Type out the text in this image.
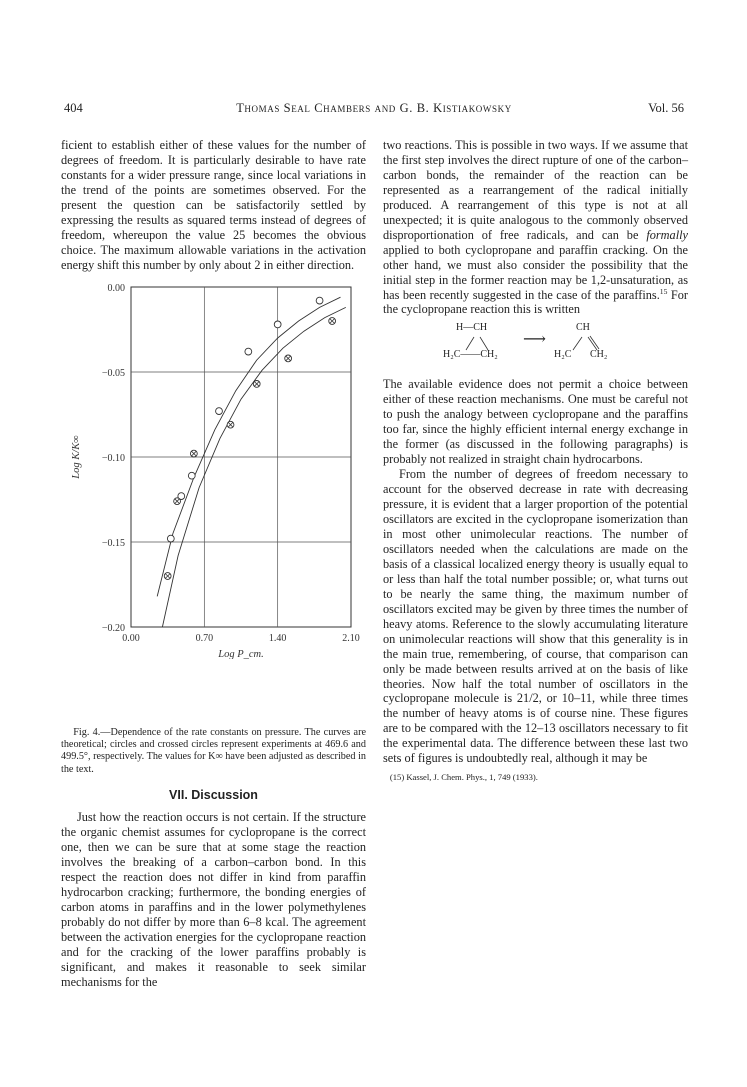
404	Thomas Seal Chambers and G. B. Kistiakowsky	Vol. 56

ficient to establish either of these values for the number of degrees of freedom. It is particularly desirable to have rate constants for a wider pressure range, since local variations in the trend of the points are sometimes observed. For the present the question can be satisfactorily settled by expressing the results as squared terms instead of degrees of freedom, whereupon the value 25 becomes the obvious choice. The maximum allowable variations in the activation energy shift this number by only about 2 in either direction.

0.00	0.70	1.40	2.10
0.00
−0.05
−0.10
−0.15
−0.20
Log P_cm.
Log K/K∞

Fig. 4.—Dependence of the rate constants on pressure. The curves are theoretical; circles and crossed circles represent experiments at 469.6 and 499.5°, respectively. The values for K∞ have been adjusted as described in the text.

VII. Discussion

Just how the reaction occurs is not certain. If the structure the organic chemist assumes for cyclopropane is the correct one, then we can be sure that at some stage the reaction involves the breaking of a carbon–carbon bond. In this respect the reaction does not differ in kind from paraffin hydrocarbon cracking; furthermore, the bonding energies of carbon atoms in paraffins and in the lower polymethylenes probably do not differ by more than 6–8 kcal. The agreement between the activation energies for the cyclopropane reaction and for the cracking of the lower paraffins probably is significant, and makes it reasonable to seek similar mechanisms for the

two reactions. This is possible in two ways. If we assume that the first step involves the direct rupture of one of the carbon–carbon bonds, the remainder of the reaction can be represented as a rearrangement of the radical initially produced. A rearrangement of this type is not at all unexpected; it is quite analogous to the commonly observed disproportionation of free radicals, and can be formally applied to both cyclopropane and paraffin cracking. On the other hand, we must also consider the possibility that the initial step in the former reaction may be 1,2-unsaturation, as has been recently suggested in the case of the paraffins.$^{15}$ For the cyclopropane reaction this is written

H—CH
H₂C——CH₂
⟶
CH
H₂C CH₂

The available evidence does not permit a choice between either of these reaction mechanisms. One must be careful not to push the analogy between cyclopropane and the paraffins too far, since the highly efficient internal energy exchange in the former (as discussed in the following paragraphs) is probably not realized in straight chain hydrocarbons.

From the number of degrees of freedom necessary to account for the observed decrease in rate with decreasing pressure, it is evident that a larger proportion of the potential oscillators are excited in the cyclopropane isomerization than in most other unimolecular reactions. The number of oscillators needed when the calculations are made on the basis of a classical localized energy theory is usually equal to or less than half the total number possible; or, what turns out to be nearly the same thing, the maximum number of oscillators excited may be given by three times the number of heavy atoms. Reference to the slowly accumulating literature on unimolecular reactions will show that this generality is in the main true, remembering, of course, that comparison can only be made between results arrived at on the basis of like theories. Now half the total number of oscillators in the cyclopropane molecule is 21/2, or 10–11, while three times the number of heavy atoms is of course nine. These figures are to be compared with the 12–13 oscillators necessary to fit the experimental data. The difference between these last two sets of figures is undoubtedly real, although it may be

(15) Kassel, J. Chem. Phys., 1, 749 (1933).
